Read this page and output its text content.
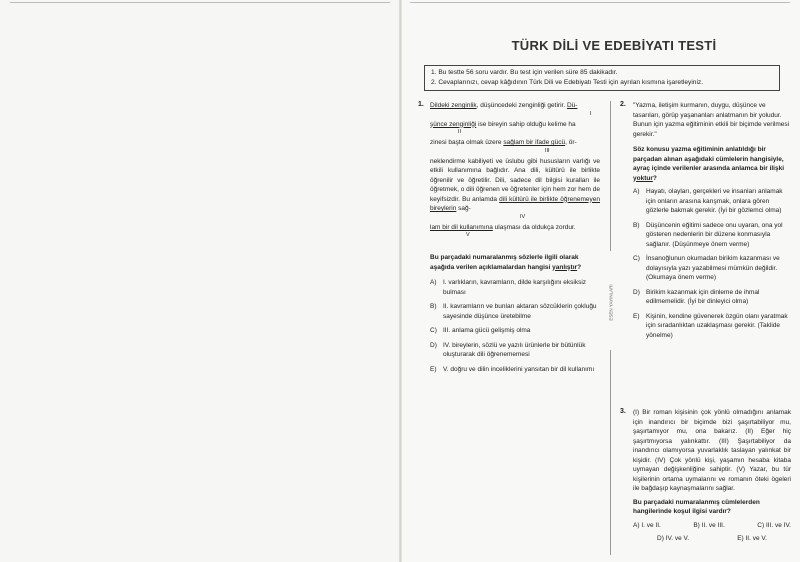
TÜRK DİLİ VE EDEBİYATI TESTİ
1. Bu testte 56 soru vardır. Bu test için verilen süre 85 dakikadır.
2. Cevaplarınızı, cevap kâğıdının Türk Dili ve Edebiyatı Testi için ayrılan kısmına işaretleyiniz.
ESEN YAYINLARI
1. Dildeki zenginlik, düşüncedeki zenginliği getirir. Dü-

I

şünce zenginliği ise bireyin sahip olduğu kelime ha

II

zinesi başta olmak üzere sağlam bir ifade gücü, ör-

III

neklendirme kabiliyeti ve üslubu gibi hususların varlığı ve etkili kullanımına bağlıdır. Ana dili, kültürü ile birlikte öğrenilir ve öğretilir. Dili, sadece dil bilgisi kuralları ile öğretmek, o dili öğrenen ve öğretenler için hem zor hem de keyifsizdir. Bu anlamda dili kültürü ile birlikte öğrenemeyen bireylerin sağ-

IV

lam bir dil kullanımına ulaşması da oldukça zordur.

V

Bu parçadaki numaralanmış sözlerle ilgili olarak aşağıda verilen açıklamalardan hangisi yanlıştır?

A)	I. varlıkların, kavramların, dilde karşılığını eksiksiz bulması
B)	II. kavramların ve bunları aktaran sözcüklerin çokluğu sayesinde düşünce üretebilme
C) III. anlama gücü gelişmiş olma
D) IV. bireylerin, sözlü ve yazılı ürünlerle bir bütünlük oluşturarak dili öğrenememesi
E)	V. doğru ve dilin inceliklerini yansıtan bir dil kullanımı
2. "Yazma, iletişim kurmanın, duygu, düşünce ve tasarıları, görüp yaşananları anlatmanın bir yoludur. Bunun için yazma eğitiminin etkili bir biçimde verilmesi gerekir."

Söz konusu yazma eğitiminin anlatıldığı bir parçadan alınan aşağıdaki cümlelerin hangisiyle, ayraç içinde verilenler arasında anlamca bir ilişki yoktur?

A)	Hayatı, olayları, gerçekleri ve insanları anlamak için onların arasına karışmak, onlara gören gözlerle bakmak gerekir. (İyi bir gözlemci olma)
B)	Düşüncenin eğitimi sadece onu uyaran, ona yol gösteren nedenlerin bir düzene konmasıyla sağlanır. (Düşünmeye önem verme)
C) İnsanoğlunun okumadan birikim kazanması ve dolayısıyla yazı yazabilmesi mümkün değildir. (Okumaya önem verme)
D) Birikim kazanmak için dinleme de ihmal edilmemelidir. (İyi bir dinleyici olma)
E)	Kişinin, kendine güvenerek özgün olanı yaratmak için sıradanlıktan uzaklaşması gerekir. (Taklide yönelme)
3. (I) Bir roman kişisinin çok yönlü olmadığını anlamak için inandırıcı bir biçimde bizi şaşırtabiliyor mu, şaşırtamıyor mu, ona bakarız. (II) Eğer hiç şaşırtmıyorsa yalınkattır. (III) Şaşırtabiliyor da inandırıcı olamıyorsa yuvarlaklık taslayan yalınkat bir kişidir. (IV) Çok yönlü kişi, yaşamın hesaba kitaba uymayan değişkenliğine sahiptir. (V) Yazar, bu tür kişilerinin ortama uymalarını ve romanın öteki ögeleri ile bağdaşıp kaynaşmalarını sağlar.

Bu parçadaki numaralanmış cümlelerden hangilerinde koşul ilgisi vardır?

A) I. ve II.	B) II. ve III.	C) III. ve IV.
D) IV. ve V.	E) II. ve V.
